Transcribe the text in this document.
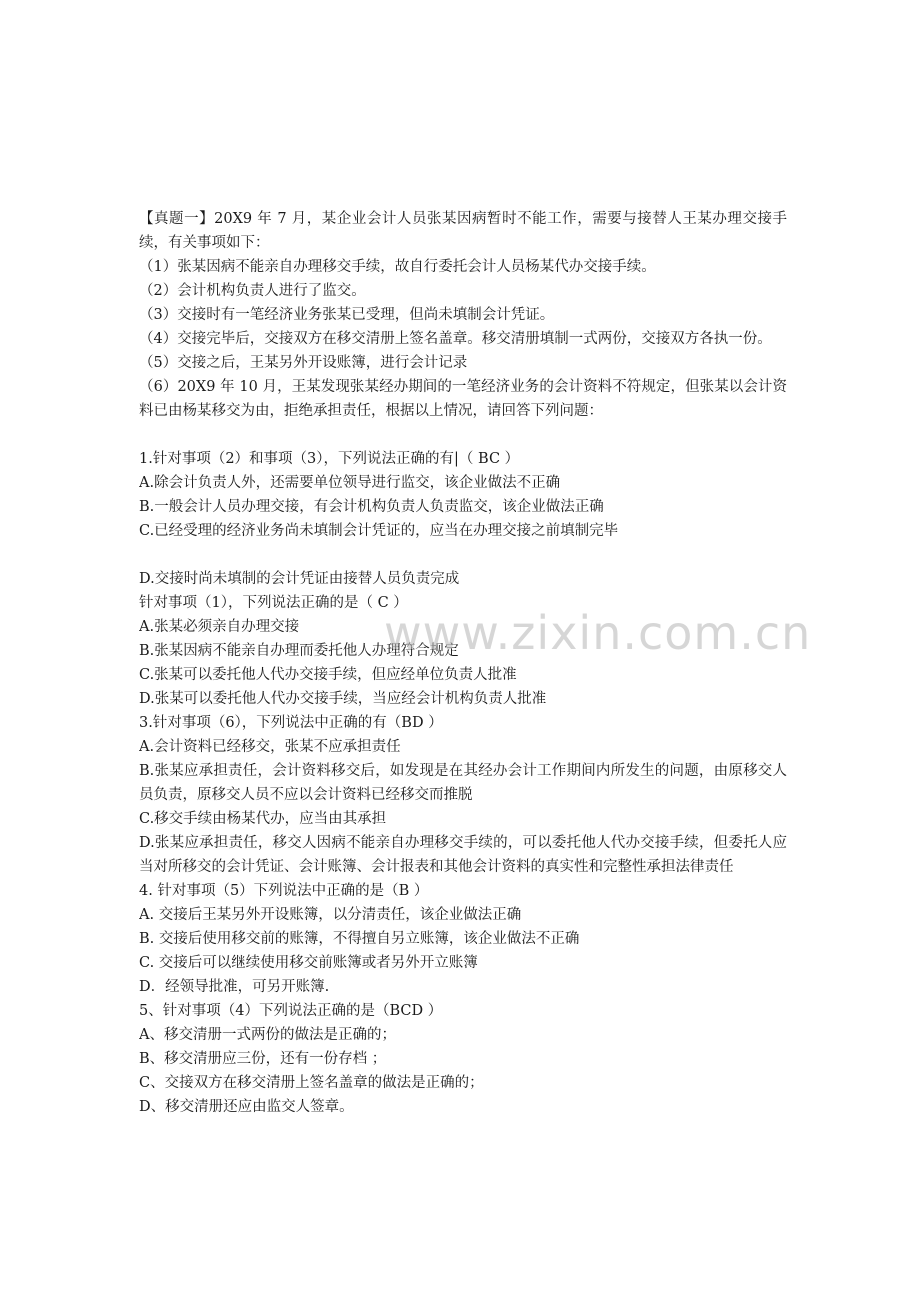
【真题一】20X9 年 7 月，某企业会计人员张某因病暂时不能工作，需要与接替人王某办理交接手续，有关事项如下：
（1）张某因病不能亲自办理移交手续，故自行委托会计人员杨某代办交接手续。
（2）会计机构负责人进行了监交。
（3）交接时有一笔经济业务张某已受理，但尚未填制会计凭证。
（4）交接完毕后，交接双方在移交清册上签名盖章。移交清册填制一式两份，交接双方各执一份。
（5）交接之后，王某另外开设账簿，进行会计记录
（6）20X9 年 10 月，王某发现张某经办期间的一笔经济业务的会计资料不符规定，但张某以会计资料已由杨某移交为由，拒绝承担责任，根据以上情况，请回答下列问题：
1.针对事项（2）和事项（3），下列说法正确的有|（ BC ）
A.除会计负责人外，还需要单位领导进行监交，该企业做法不正确
B.一般会计人员办理交接，有会计机构负责人负责监交，该企业做法正确
C.已经受理的经济业务尚未填制会计凭证的，应当在办理交接之前填制完毕
D.交接时尚未填制的会计凭证由接替人员负责完成
针对事项（1），下列说法正确的是（ C ）
A.张某必须亲自办理交接
B.张某因病不能亲自办理而委托他人办理符合规定
C.张某可以委托他人代办交接手续，但应经单位负责人批准
D.张某可以委托他人代办交接手续，当应经会计机构负责人批准
3.针对事项（6），下列说法中正确的有（BD ）
A.会计资料已经移交，张某不应承担责任
B.张某应承担责任，会计资料移交后，如发现是在其经办会计工作期间内所发生的问题，由原移交人员负责，原移交人员不应以会计资料已经移交而推脱
C.移交手续由杨某代办，应当由其承担
D.张某应承担责任，移交人因病不能亲自办理移交手续的，可以委托他人代办交接手续，但委托人应当对所移交的会计凭证、会计账簿、会计报表和其他会计资料的真实性和完整性承担法律责任
4. 针对事项（5）下列说法中正确的是（B ）
A. 交接后王某另外开设账簿，以分清责任，该企业做法正确
B. 交接后使用移交前的账簿，不得擅自另立账簿，该企业做法不正确
C. 交接后可以继续使用移交前账簿或者另外开立账簿
D．经领导批准，可另开账簿.
5、针对事项（4）下列说法正确的是（BCD ）
A、移交清册一式两份的做法是正确的；
B、移交清册应三份，还有一份存档 ；
C、交接双方在移交清册上签名盖章的做法是正确的；
D、移交清册还应由监交人签章。
www.zixin.com.cn
